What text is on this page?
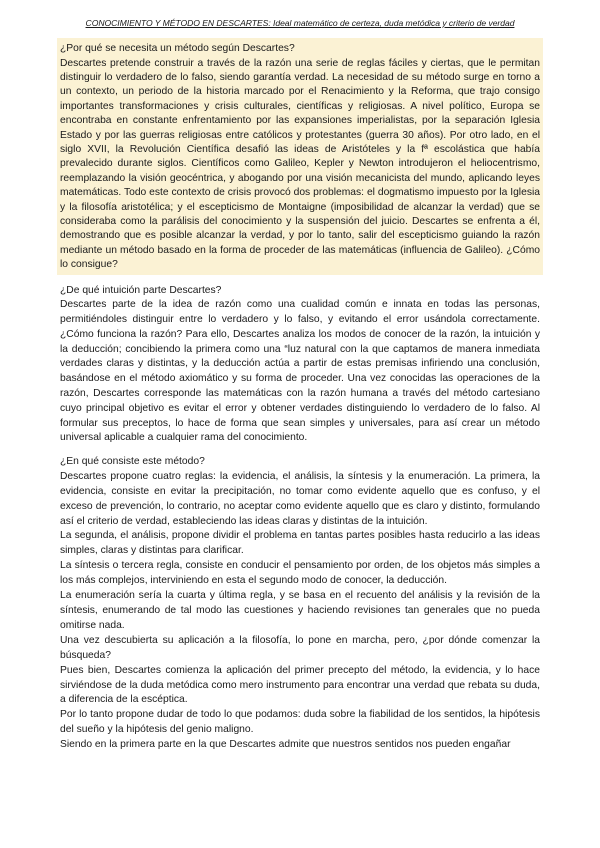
CONOCIMIENTO Y MÉTODO EN DESCARTES: Ideal matemático de certeza, duda metódica y criterio de verdad

¿Por qué se necesita un método según Descartes?

Descartes pretende construir a través de la razón una serie de reglas fáciles y ciertas, que le permitan distinguir lo verdadero de lo falso, siendo garantía verdad. La necesidad de su método surge en torno a un contexto, un periodo de la historia marcado por el Renacimiento y la Reforma, que trajo consigo importantes transformaciones y crisis culturales, científicas y religiosas. A nivel político, Europa se encontraba en constante enfrentamiento por las expansiones imperialistas, por la separación Iglesia Estado y por las guerras religiosas entre católicos y protestantes (guerra 30 años). Por otro lado, en el siglo XVII, la Revolución Científica desafió las ideas de Aristóteles y la fª escolástica que había prevalecido durante siglos. Científicos como Galileo, Kepler y Newton introdujeron el heliocentrismo, reemplazando la visión geocéntrica, y abogando por una visión mecanicista del mundo, aplicando leyes matemáticas. Todo este contexto de crisis provocó dos problemas: el dogmatismo impuesto por la Iglesia y la filosofía aristotélica; y el escepticismo de Montaigne (imposibilidad de alcanzar la verdad) que se consideraba como la parálisis del conocimiento y la suspensión del juicio. Descartes se enfrenta a él, demostrando que es posible alcanzar la verdad, y por lo tanto, salir del escepticismo guiando la razón mediante un método basado en la forma de proceder de las matemáticas (influencia de Galileo). ¿Cómo lo consigue?

¿De qué intuición parte Descartes?

Descartes parte de la idea de razón como una cualidad común e innata en todas las personas, permitiéndoles distinguir entre lo verdadero y lo falso, y evitando el error usándola correctamente. ¿Cómo funciona la razón? Para ello, Descartes analiza los modos de conocer de la razón, la intuición y la deducción; concibiendo la primera como una “luz natural con la que captamos de manera inmediata verdades claras y distintas, y la deducción actúa a partir de estas premisas infiriendo una conclusión, basándose en el método axiomático y su forma de proceder. Una vez conocidas las operaciones de la razón, Descartes corresponde las matemáticas con la razón humana a través del método cartesiano cuyo principal objetivo es evitar el error y obtener verdades distinguiendo lo verdadero de lo falso. Al formular sus preceptos, lo hace de forma que sean simples y universales, para así crear un método universal aplicable a cualquier rama del conocimiento.

¿En qué consiste este método?

Descartes propone cuatro reglas: la evidencia, el análisis, la síntesis y la enumeración. La primera, la evidencia, consiste en evitar la precipitación, no tomar como evidente aquello que es confuso, y el exceso de prevención, lo contrario, no aceptar como evidente aquello que es claro y distinto, formulando así el criterio de verdad, estableciendo las ideas claras y distintas de la intuición.

La segunda, el análisis, propone dividir el problema en tantas partes posibles hasta reducirlo a las ideas simples, claras y distintas para clarificar.

La síntesis o tercera regla, consiste en conducir el pensamiento por orden, de los objetos más simples a los más complejos, interviniendo en esta el segundo modo de conocer, la deducción.

La enumeración sería la cuarta y última regla, y se basa en el recuento del análisis y la revisión de la síntesis, enumerando de tal modo las cuestiones y haciendo revisiones tan generales que no pueda omitirse nada.

Una vez descubierta su aplicación a la filosofía, lo pone en marcha, pero, ¿por dónde comenzar la búsqueda?

Pues bien, Descartes comienza la aplicación del primer precepto del método, la evidencia, y lo hace sirviéndose de la duda metódica como mero instrumento para encontrar una verdad que rebata su duda, a diferencia de la escéptica.

Por lo tanto propone dudar de todo lo que podamos: duda sobre la fiabilidad de los sentidos, la hipótesis del sueño y la hipótesis del genio maligno.

Siendo en la primera parte en la que Descartes admite que nuestros sentidos nos pueden engañar
